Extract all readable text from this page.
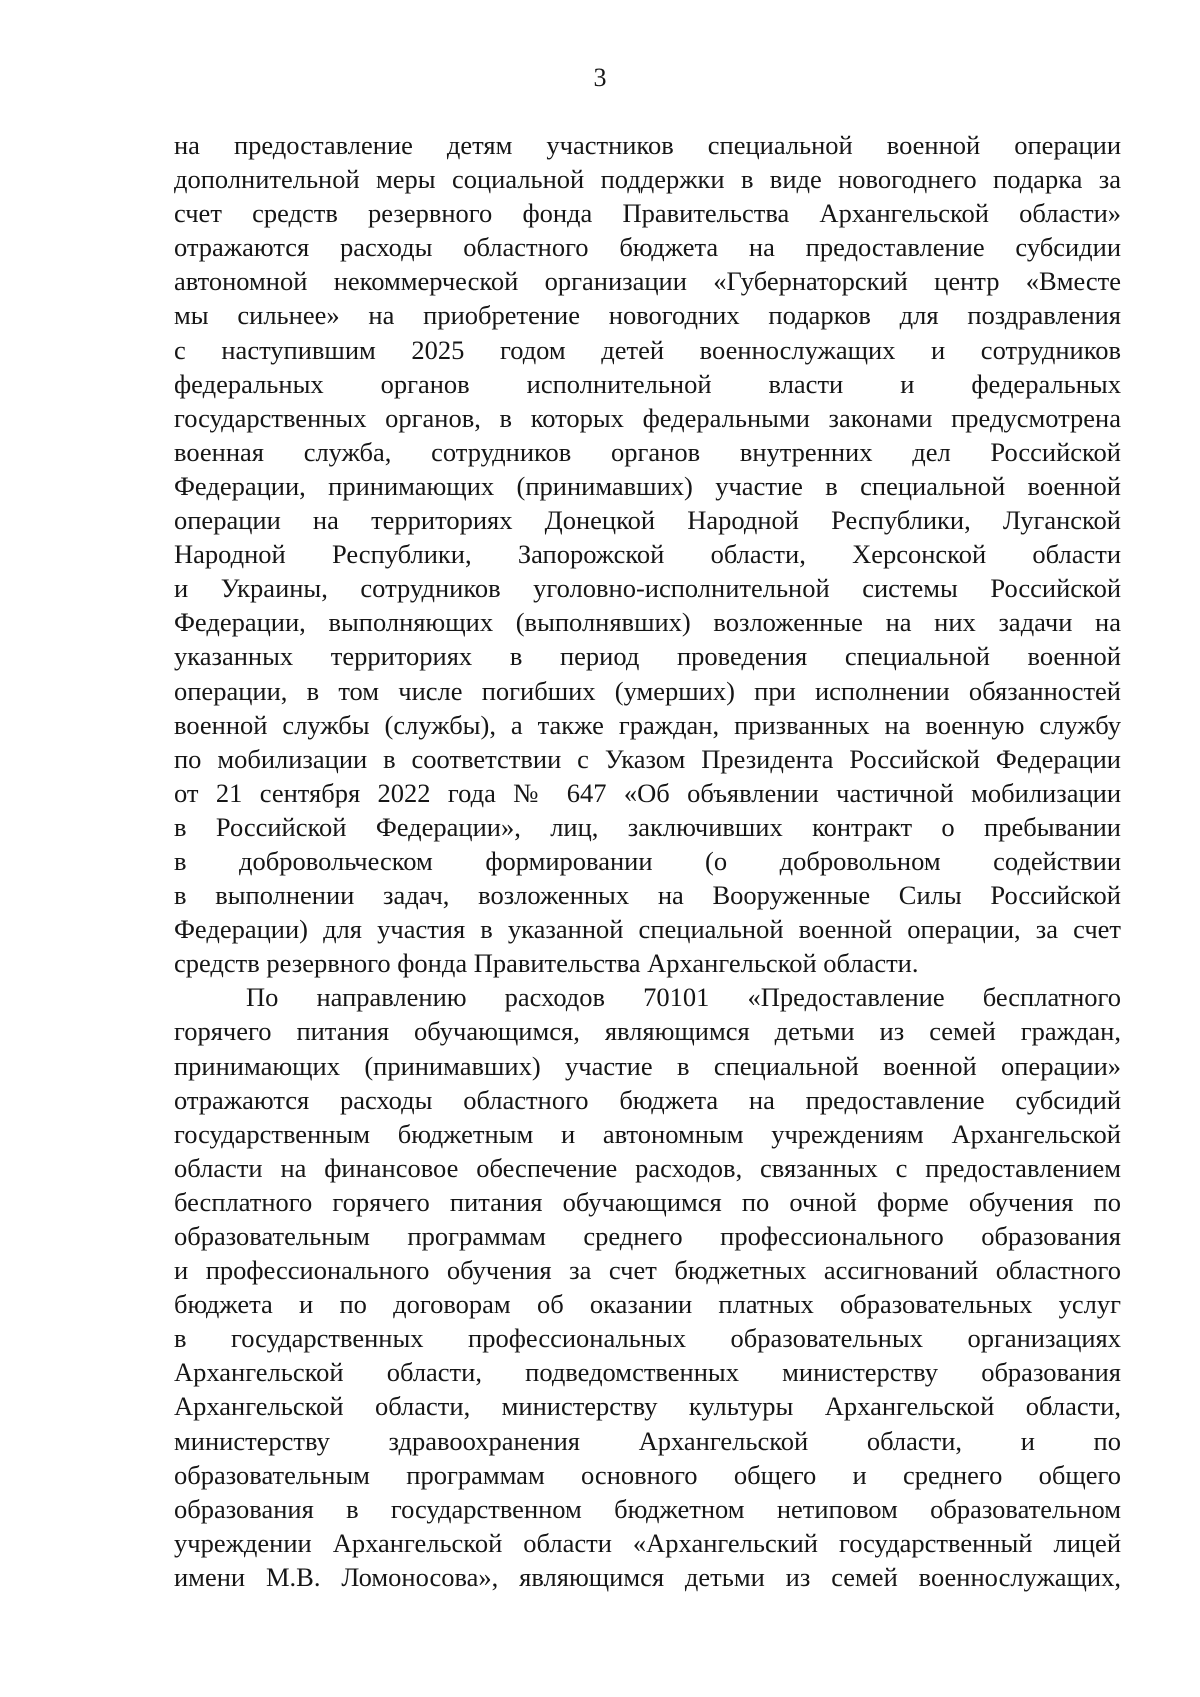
3
на предоставление детям участников специальной военной операции
дополнительной меры социальной поддержки в виде новогоднего подарка за
счет средств резервного фонда Правительства Архангельской области»
отражаются расходы областного бюджета на предоставление субсидии
автономной некоммерческой организации «Губернаторский центр «Вместе
мы сильнее» на приобретение новогодних подарков для поздравления
с наступившим 2025 годом детей военнослужащих и сотрудников
федеральных органов исполнительной власти и федеральных
государственных органов, в которых федеральными законами предусмотрена
военная служба, сотрудников органов внутренних дел Российской
Федерации, принимающих (принимавших) участие в специальной военной
операции на территориях Донецкой Народной Республики, Луганской
Народной Республики, Запорожской области, Херсонской области
и Украины, сотрудников уголовно-исполнительной системы Российской
Федерации, выполняющих (выполнявших) возложенные на них задачи на
указанных территориях в период проведения специальной военной
операции, в том числе погибших (умерших) при исполнении обязанностей
военной службы (службы), а также граждан, призванных на военную службу
по мобилизации в соответствии с Указом Президента Российской Федерации
от 21 сентября 2022 года № 647 «Об объявлении частичной мобилизации
в Российской Федерации», лиц, заключивших контракт о пребывании
в добровольческом формировании (о добровольном содействии
в выполнении задач, возложенных на Вооруженные Силы Российской
Федерации) для участия в указанной специальной военной операции, за счет
средств резервного фонда Правительства Архангельской области.
По направлению расходов 70101 «Предоставление бесплатного
горячего питания обучающимся, являющимся детьми из семей граждан,
принимающих (принимавших) участие в специальной военной операции»
отражаются расходы областного бюджета на предоставление субсидий
государственным бюджетным и автономным учреждениям Архангельской
области на финансовое обеспечение расходов, связанных с предоставлением
бесплатного горячего питания обучающимся по очной форме обучения по
образовательным программам среднего профессионального образования
и профессионального обучения за счет бюджетных ассигнований областного
бюджета и по договорам об оказании платных образовательных услуг
в государственных профессиональных образовательных организациях
Архангельской области, подведомственных министерству образования
Архангельской области, министерству культуры Архангельской области,
министерству здравоохранения Архангельской области, и по
образовательным программам основного общего и среднего общего
образования в государственном бюджетном нетиповом образовательном
учреждении Архангельской области «Архангельский государственный лицей
имени М.В. Ломоносова», являющимся детьми из семей военнослужащих,
